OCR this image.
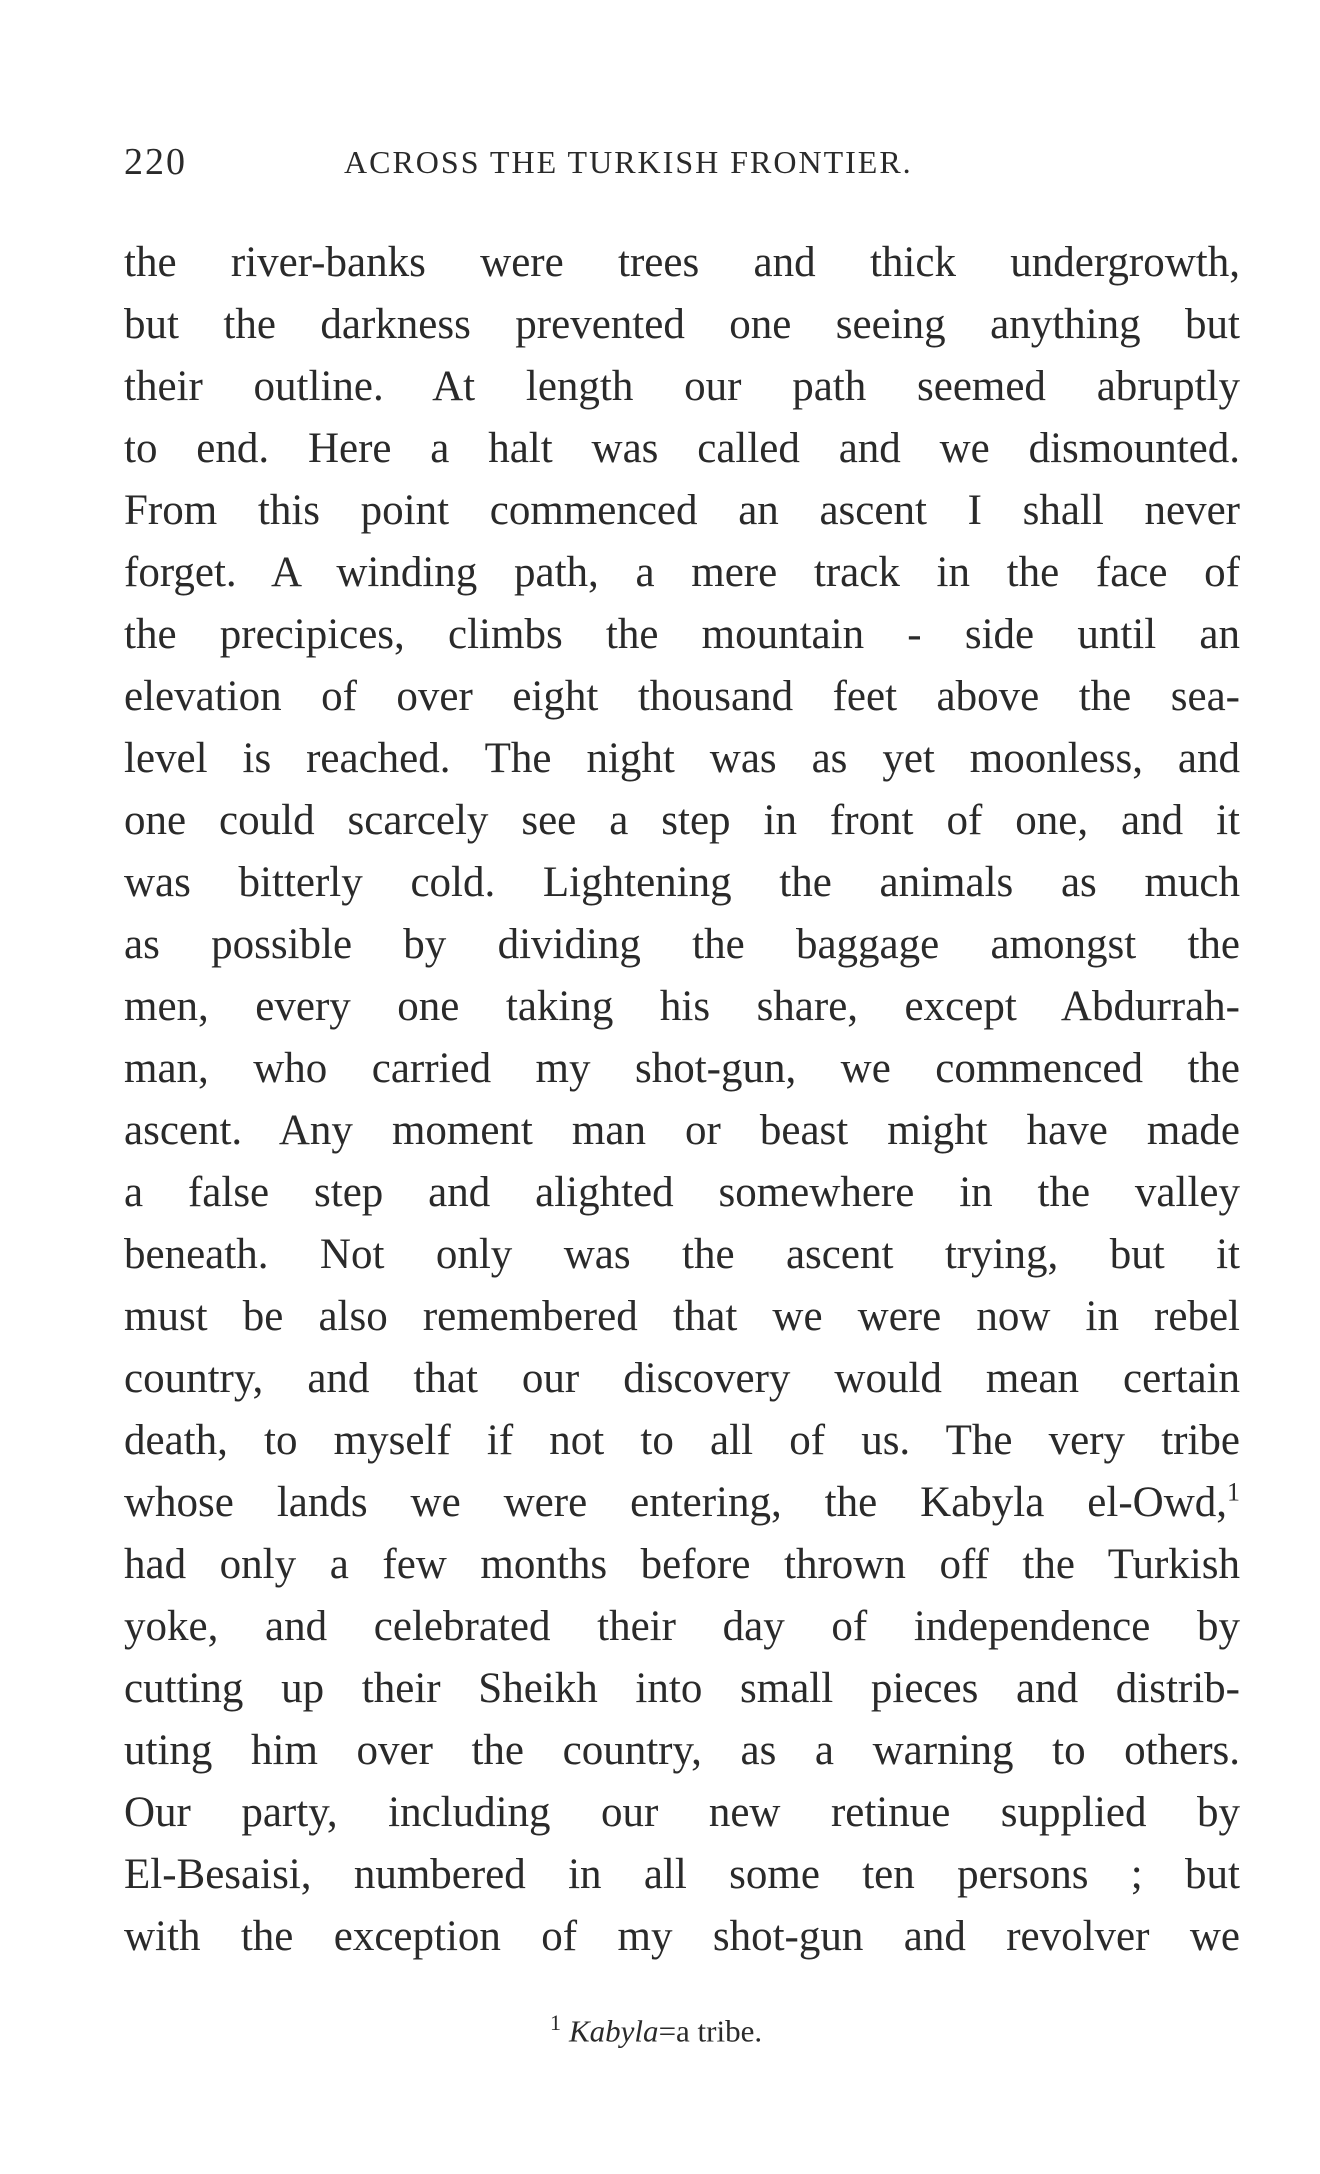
220	ACROSS THE TURKISH FRONTIER.
the river-banks were trees and thick undergrowth,
but the darkness prevented one seeing anything but
their outline. At length our path seemed abruptly
to end. Here a halt was called and we dismounted.
From this point commenced an ascent I shall never
forget. A winding path, a mere track in the face of
the precipices, climbs the mountain - side until an
elevation of over eight thousand feet above the sea-
level is reached. The night was as yet moonless, and
one could scarcely see a step in front of one, and it
was bitterly cold. Lightening the animals as much
as possible by dividing the baggage amongst the
men, every one taking his share, except Abdurrah-
man, who carried my shot-gun, we commenced the
ascent. Any moment man or beast might have made
a false step and alighted somewhere in the valley
beneath. Not only was the ascent trying, but it
must be also remembered that we were now in rebel
country, and that our discovery would mean certain
death, to myself if not to all of us. The very tribe
whose lands we were entering, the Kabyla el-Owd,$^1$
had only a few months before thrown off the Turkish
yoke, and celebrated their day of independence by
cutting up their Sheikh into small pieces and distrib-
uting him over the country, as a warning to others.
Our party, including our new retinue supplied by
El-Besaisi, numbered in all some ten persons ; but
with the exception of my shot-gun and revolver we
$^1$ Kabyla=a tribe.
